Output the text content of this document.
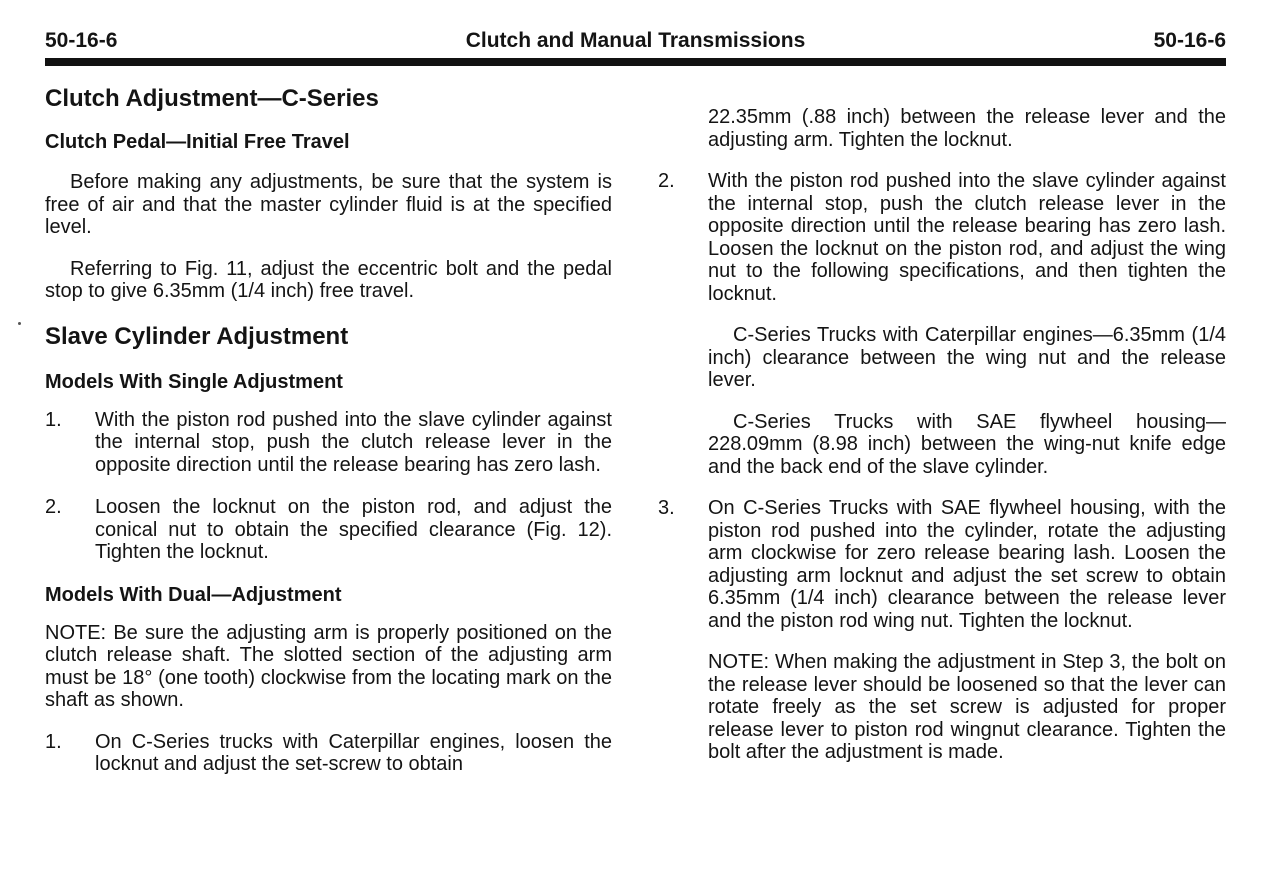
50-16-6	Clutch and Manual Transmissions	50-16-6
Clutch Adjustment—C-Series
Clutch Pedal—Initial Free Travel

Before making any adjustments, be sure that the system is free of air and that the master cylinder fluid is at the specified level.

Referring to Fig. 11, adjust the eccentric bolt and the pedal stop to give 6.35mm (1/4 inch) free travel.

Slave Cylinder Adjustment
Models With Single Adjustment
1. With the piston rod pushed into the slave cylinder against the internal stop, push the clutch release lever in the opposite direction until the release bearing has zero lash.
2. Loosen the locknut on the piston rod, and adjust the conical nut to obtain the specified clearance (Fig. 12). Tighten the locknut.
Models With Dual—Adjustment

NOTE: Be sure the adjusting arm is properly positioned on the clutch release shaft. The slotted section of the adjusting arm must be 18° (one tooth) clockwise from the locating mark on the shaft as shown.

1. On C-Series trucks with Caterpillar engines, loosen the locknut and adjust the set-screw to obtain

22.35mm (.88 inch) between the release lever and the adjusting arm. Tighten the locknut.

2. With the piston rod pushed into the slave cylinder against the internal stop, push the clutch release lever in the opposite direction until the release bearing has zero lash. Loosen the locknut on the piston rod, and adjust the wing nut to the following specifications, and then tighten the locknut.

C-Series Trucks with Caterpillar engines—6.35mm (1/4 inch) clearance between the wing nut and the release lever.

C-Series Trucks with SAE flywheel housing—228.09mm (8.98 inch) between the wing-nut knife edge and the back end of the slave cylinder.

3. On C-Series Trucks with SAE flywheel housing, with the piston rod pushed into the cylinder, rotate the adjusting arm clockwise for zero release bearing lash. Loosen the adjusting arm locknut and adjust the set screw to obtain 6.35mm (1/4 inch) clearance between the release lever and the piston rod wing nut. Tighten the locknut.

NOTE: When making the adjustment in Step 3, the bolt on the release lever should be loosened so that the lever can rotate freely as the set screw is adjusted for proper release lever to piston rod wingnut clearance. Tighten the bolt after the adjustment is made.
